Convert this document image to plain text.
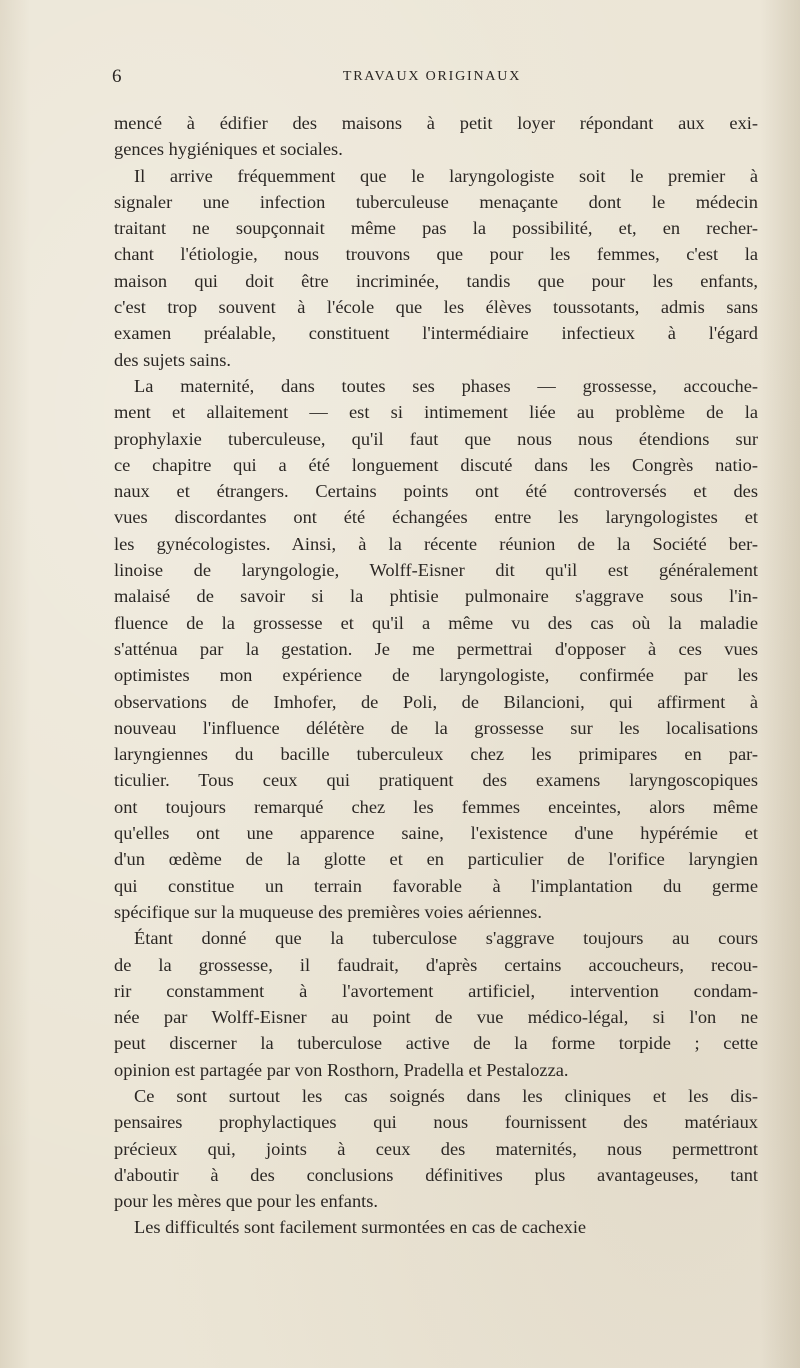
6	TRAVAUX ORIGINAUX
mencé à édifier des maisons à petit loyer répondant aux exi-
gences hygiéniques et sociales.
Il arrive fréquemment que le laryngologiste soit le premier à
signaler une infection tuberculeuse menaçante dont le médecin
traitant ne soupçonnait même pas la possibilité, et, en recher-
chant l'étiologie, nous trouvons que pour les femmes, c'est la
maison qui doit être incriminée, tandis que pour les enfants,
c'est trop souvent à l'école que les élèves toussotants, admis sans
examen préalable, constituent l'intermédiaire infectieux à l'égard
des sujets sains.
La maternité, dans toutes ses phases — grossesse, accouche-
ment et allaitement — est si intimement liée au problème de la
prophylaxie tuberculeuse, qu'il faut que nous nous étendions sur
ce chapitre qui a été longuement discuté dans les Congrès natio-
naux et étrangers. Certains points ont été controversés et des
vues discordantes ont été échangées entre les laryngologistes et
les gynécologistes. Ainsi, à la récente réunion de la Société ber-
linoise de laryngologie, Wolff-Eisner dit qu'il est généralement
malaisé de savoir si la phtisie pulmonaire s'aggrave sous l'in-
fluence de la grossesse et qu'il a même vu des cas où la maladie
s'atténua par la gestation. Je me permettrai d'opposer à ces vues
optimistes mon expérience de laryngologiste, confirmée par les
observations de Imhofer, de Poli, de Bilancioni, qui affirment à
nouveau l'influence délétère de la grossesse sur les localisations
laryngiennes du bacille tuberculeux chez les primipares en par-
ticulier. Tous ceux qui pratiquent des examens laryngoscopiques
ont toujours remarqué chez les femmes enceintes, alors même
qu'elles ont une apparence saine, l'existence d'une hypérémie et
d'un œdème de la glotte et en particulier de l'orifice laryngien
qui constitue un terrain favorable à l'implantation du germe
spécifique sur la muqueuse des premières voies aériennes.
Étant donné que la tuberculose s'aggrave toujours au cours
de la grossesse, il faudrait, d'après certains accoucheurs, recou-
rir constamment à l'avortement artificiel, intervention condam-
née par Wolff-Eisner au point de vue médico-légal, si l'on ne
peut discerner la tuberculose active de la forme torpide ; cette
opinion est partagée par von Rosthorn, Pradella et Pestalozza.
Ce sont surtout les cas soignés dans les cliniques et les dis-
pensaires prophylactiques qui nous fournissent des matériaux
précieux qui, joints à ceux des maternités, nous permettront
d'aboutir à des conclusions définitives plus avantageuses, tant
pour les mères que pour les enfants.
Les difficultés sont facilement surmontées en cas de cachexie
